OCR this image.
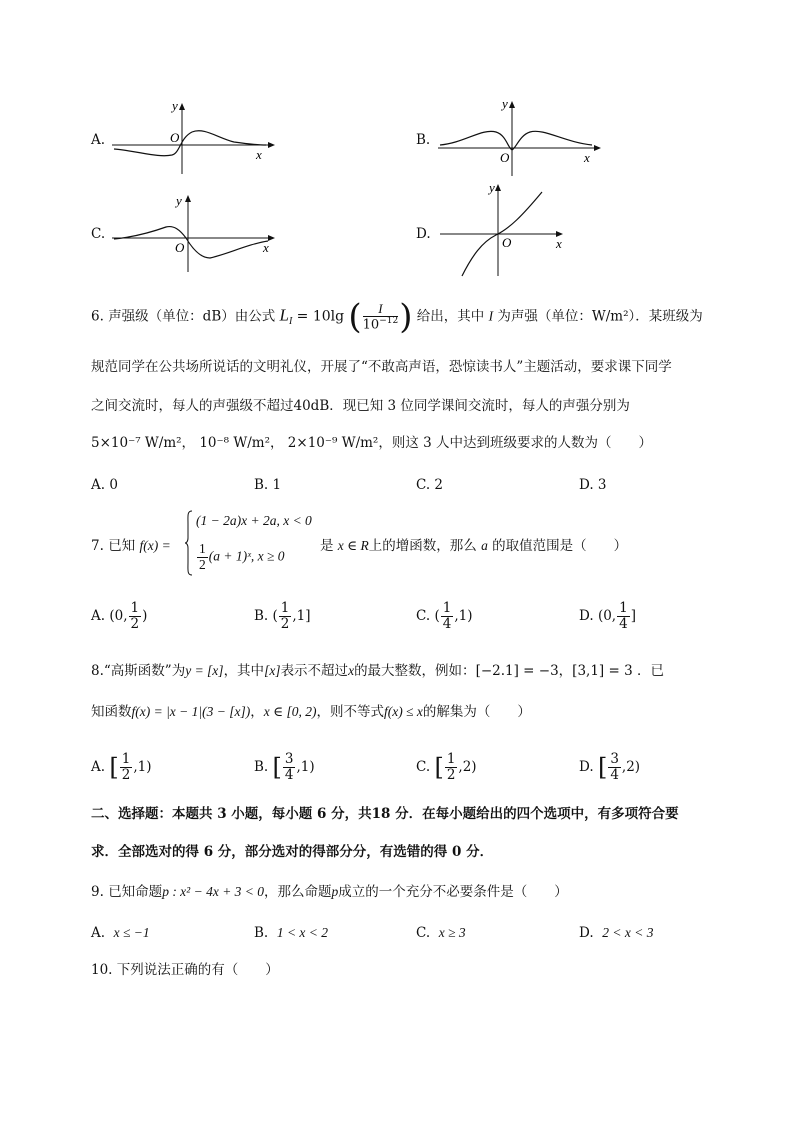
A.
y
O
x
B.
y
O	x
C.
y
O	x
D.
y
O	x
6. 声强级（单位：dB）由公式 $L_I = 10\lg$ ( $\frac{I}{10^{-12}}$ ) 给出，其中 I 为声强（单位：W/m²）．某班级为
规范同学在公共场所说话的文明礼仪，开展了“不敢高声语，恐惊读书人”主题活动，要求课下同学
之间交流时，每人的声强级不超过40dB．现已知 3 位同学课间交流时，每人的声强分别为
5×10⁻⁷ W/m²， 10⁻⁸ W/m²， 2×10⁻⁹ W/m²，则这 3 人中达到班级要求的人数为（　　）
A. 0	B. 1	C. 2	D. 3
7. 已知 f(x) =
(1 − 2a)x + 2a, x < 0
$\frac{1}{2} (a$ + 1)ˣ, x ≥ 0
是 x ∈ R上的增函数，那么 a 的取值范围是（　　）
A. (0, $\frac{1}{2}$ )	B. ( $\frac{1}{2} ,1$]	C. ( $\frac{1}{4} ,1$)	D. (0, $\frac{1}{4}$ ]
8.“高斯函数”为y = [x]，其中[x]表示不超过x的最大整数，例如：[−2.1] = −3，[3,1] = 3 ．已
知函数f(x) = |x − 1|(3 − [x])，x ∈ [0, 2)，则不等式f(x) ≤ x的解集为（　　）
A. [ $\frac{1}{2} ,1$)	B. [ $\frac{3}{4} ,1$)	C. [ $\frac{1}{2} ,2$)	D. [ $\frac{3}{4} ,2$)
二、选择题：本题共 3 小题，每小题 6 分，共18 分．在每小题给出的四个选项中，有多项符合要
求．全部选对的得 6 分，部分选对的得部分分，有选错的得 0 分．
9. 已知命题p : x² − 4x + 3 < 0，那么命题p成立的一个充分不必要条件是（　　）
A. x ≤ −1	B. 1 < x < 2	C. x ≥ 3	D. 2 < x < 3
10. 下列说法正确的有（　　）
